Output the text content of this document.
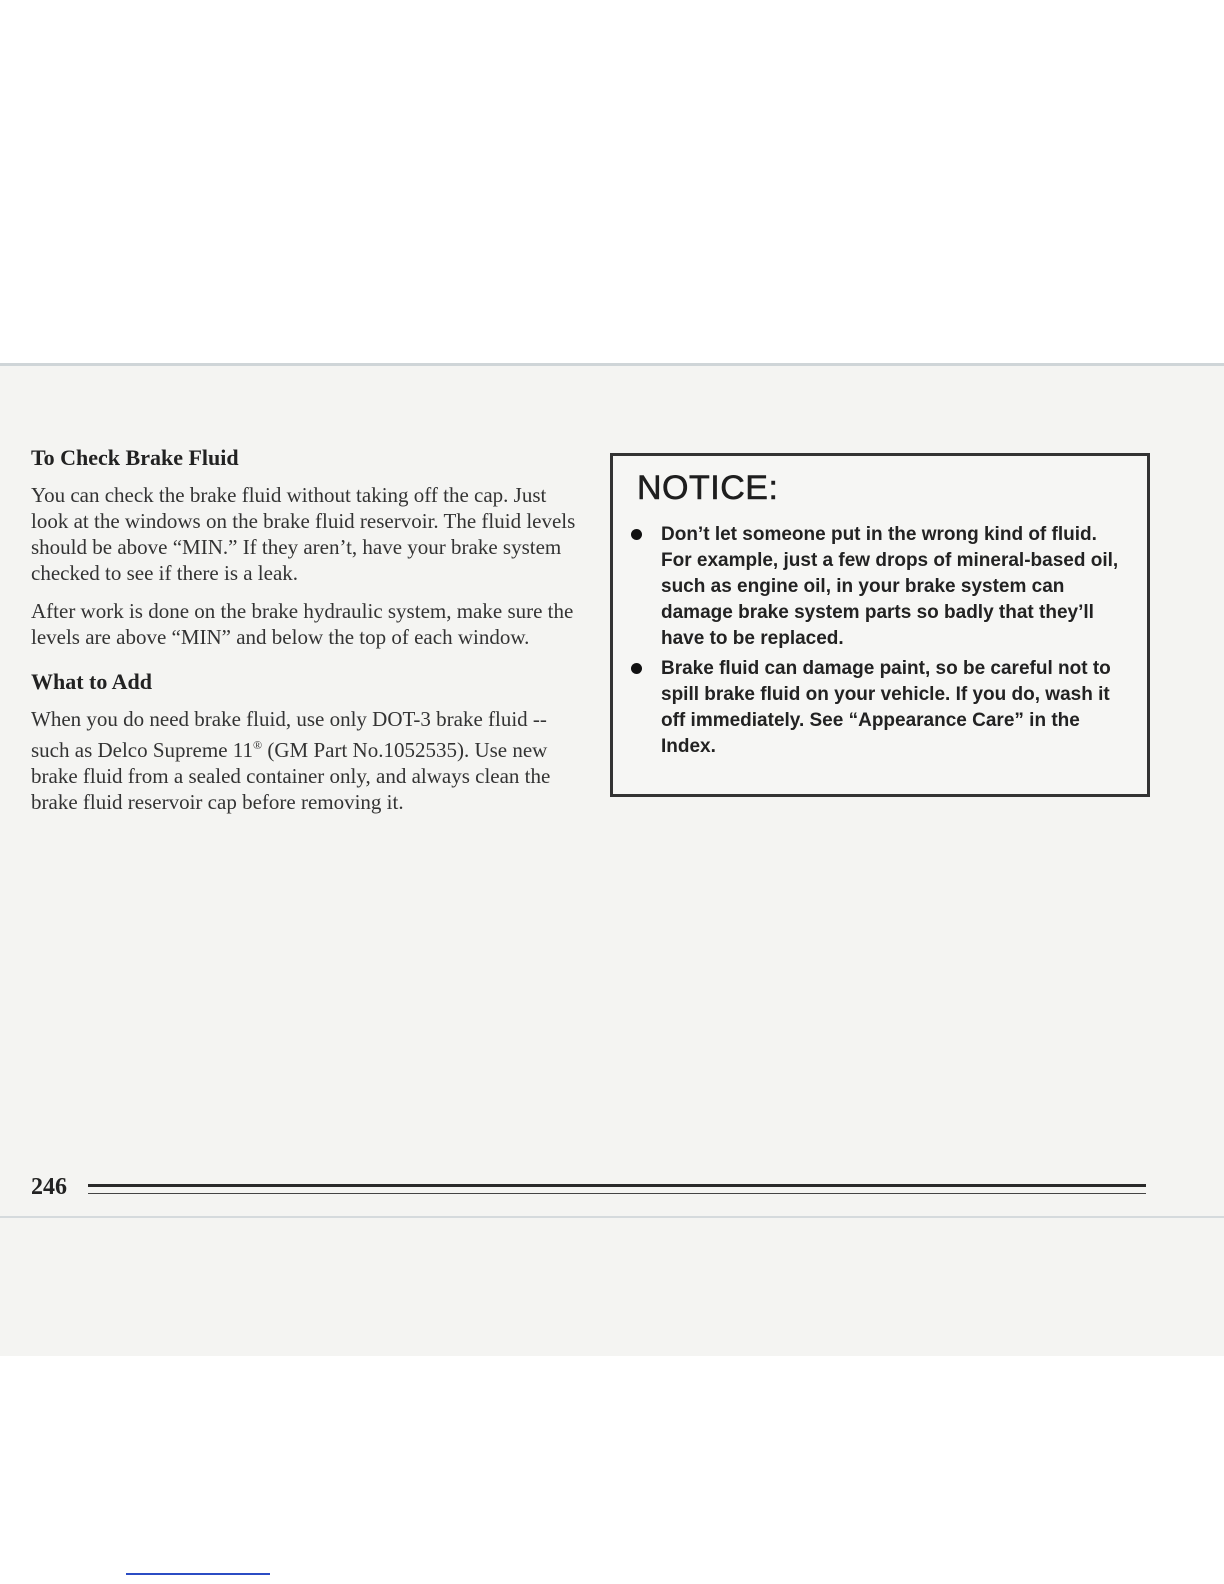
To Check Brake Fluid

You can check the brake fluid without taking off the cap. Just look at the windows on the brake fluid reservoir. The fluid levels should be above “MIN.” If they aren’t, have your brake system checked to see if there is a leak.

After work is done on the brake hydraulic system, make sure the levels are above “MIN” and below the top of each window.

What to Add

When you do need brake fluid, use only DOT-3 brake fluid -- such as Delco Supreme 11® (GM Part No.1052535). Use new brake fluid from a sealed container only, and always clean the brake fluid reservoir cap before removing it.

NOTICE:
Don’t let someone put in the wrong kind of fluid. For example, just a few drops of mineral-based oil, such as engine oil, in your brake system can damage brake system parts so badly that they’ll have to be replaced.
Brake fluid can damage paint, so be careful not to spill brake fluid on your vehicle. If you do, wash it off immediately. See “Appearance Care” in the Index.
246
